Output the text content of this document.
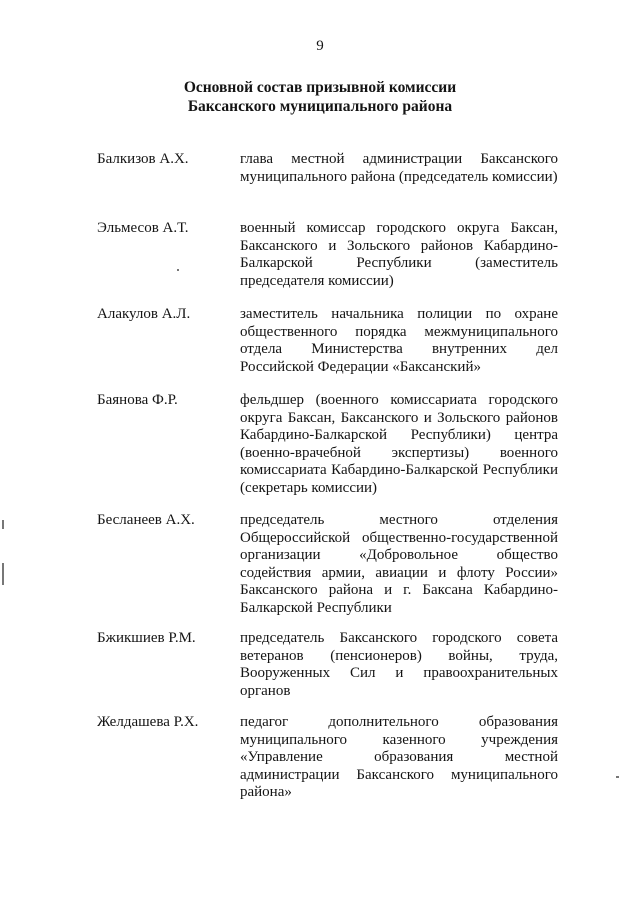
9
Основной состав призывной комиссии
Баксанского муниципального района
Балкизов А.Х.	глава местной администрации Баксанского муниципального района (председатель комиссии)
Эльмесов А.Т.	военный комиссар городского округа Баксан, Баксанского и Зольского районов Кабардино-Балкарской Республики (заместитель председателя комиссии)
Алакулов А.Л.	заместитель начальника полиции по охране общественного порядка межмуниципального отдела Министерства внутренних дел Российской Федерации «Баксанский»
Баянова Ф.Р.	фельдшер (военного комиссариата городского округа Баксан, Баксанского и Зольского районов Кабардино-Балкарской Республики) центра (военно-врачебной экспертизы) военного комиссариата Кабардино-Балкарской Республики (секретарь комиссии)
Бесланеев А.Х.	председатель местного отделения Общероссийской общественно-государственной организации «Добровольное общество содействия армии, авиации и флоту России» Баксанского района и г. Баксана Кабардино-Балкарской Республики
Бжикшиев Р.М.	председатель Баксанского городского совета ветеранов (пенсионеров) войны, труда, Вооруженных Сил и правоохранительных органов
Желдашева Р.Х.	педагог дополнительного образования муниципального казенного учреждения «Управление образования местной администрации Баксанского муниципального района»
